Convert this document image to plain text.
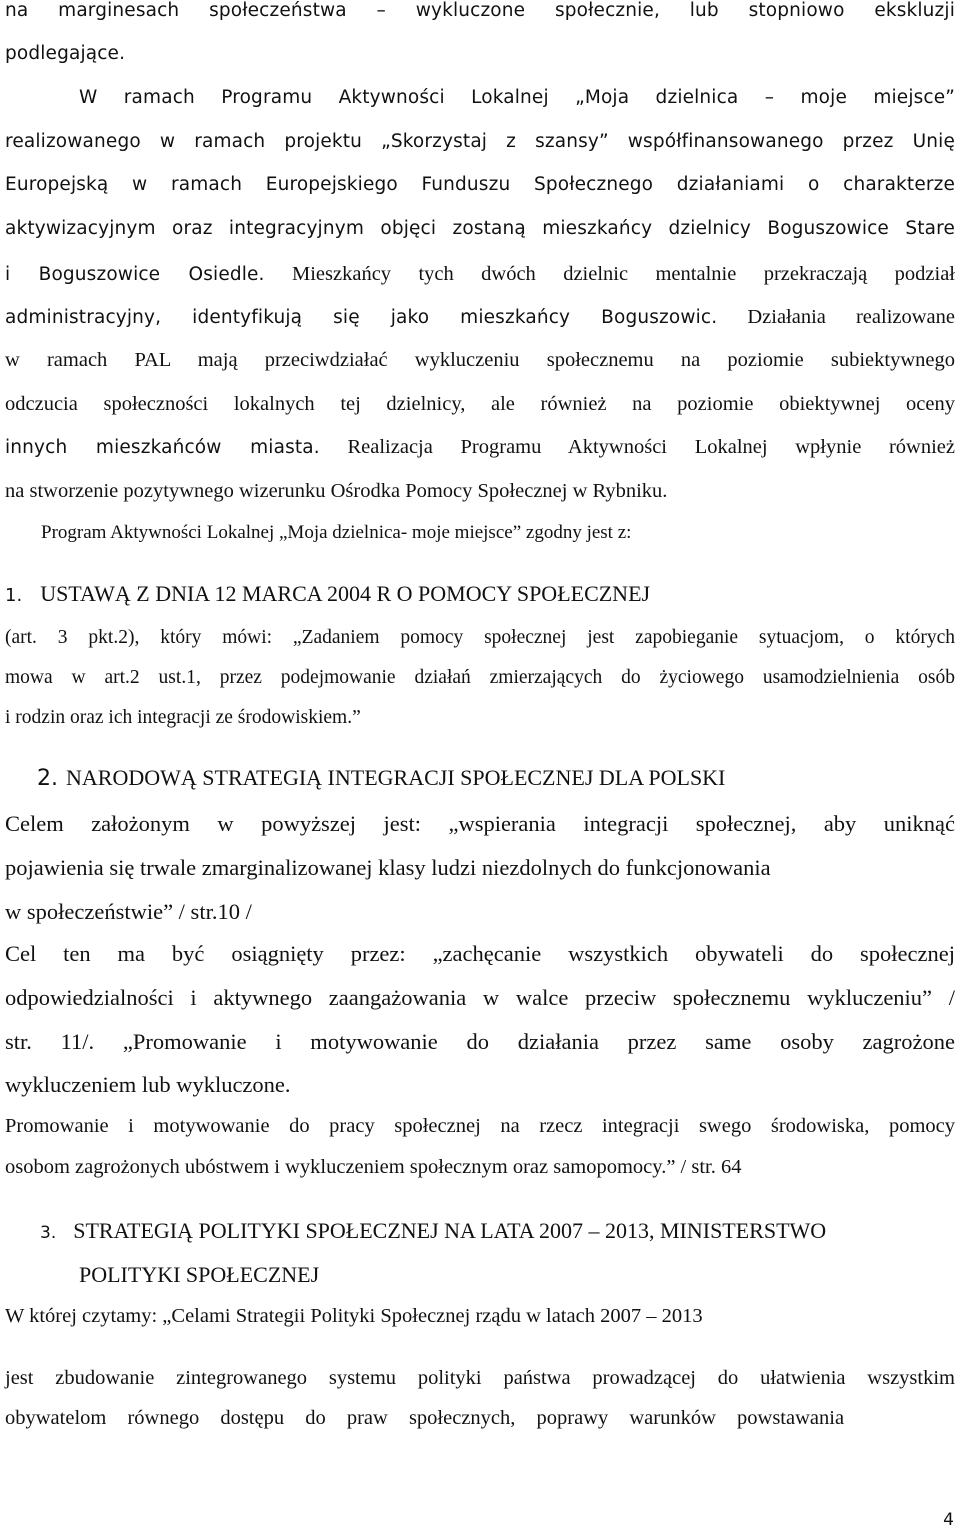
na marginesach społeczeństwa – wykluczone społecznie, lub stopniowo ekskluzji
podlegające.
W ramach Programu Aktywności Lokalnej „Moja dzielnica – moje miejsce”
realizowanego w ramach projektu „Skorzystaj z szansy” współfinansowanego przez Unię
Europejską w ramach Europejskiego Funduszu Społecznego działaniami o charakterze
aktywizacyjnym oraz integracyjnym objęci zostaną mieszkańcy dzielnicy Boguszowice Stare
i Boguszowice Osiedle. Mieszkańcy tych dwóch dzielnic mentalnie przekraczają podział
administracyjny, identyfikują się jako mieszkańcy Boguszowic. Działania realizowane
w ramach PAL mają przeciwdziałać wykluczeniu społecznemu na poziomie subiektywnego
odczucia społeczności lokalnych tej dzielnicy, ale również na poziomie obiektywnej oceny
innych mieszkańców miasta. Realizacja Programu Aktywności Lokalnej wpłynie również
na stworzenie pozytywnego wizerunku Ośrodka Pomocy Społecznej w Rybniku.
Program Aktywności Lokalnej „Moja dzielnica- moje miejsce” zgodny jest z:
1. USTAWĄ Z DNIA 12 MARCA 2004 R O POMOCY SPOŁECZNEJ
(art. 3 pkt.2), który mówi: „Zadaniem pomocy społecznej jest zapobieganie sytuacjom, o których
mowa w art.2 ust.1, przez podejmowanie działań zmierzających do życiowego usamodzielnienia osób
i rodzin oraz ich integracji ze środowiskiem.”
2. NARODOWĄ STRATEGIĄ INTEGRACJI SPOŁECZNEJ DLA POLSKI
Celem założonym w powyższej jest: „wspierania integracji społecznej, aby uniknąć
pojawienia się trwale zmarginalizowanej klasy ludzi niezdolnych do funkcjonowania
w społeczeństwie” / str.10 /
Cel ten ma być osiągnięty przez: „zachęcanie wszystkich obywateli do społecznej
odpowiedzialności i aktywnego zaangażowania w walce przeciw społecznemu wykluczeniu” /
str. 11/. „Promowanie i motywowanie do działania przez same osoby zagrożone
wykluczeniem lub wykluczone.
Promowanie i motywowanie do pracy społecznej na rzecz integracji swego środowiska, pomocy
osobom zagrożonych ubóstwem i wykluczeniem społecznym oraz samopomocy.” / str. 64
3. STRATEGIĄ POLITYKI SPOŁECZNEJ NA LATA 2007 – 2013, MINISTERSTWO
POLITYKI SPOŁECZNEJ
W której czytamy: „Celami Strategii Polityki Społecznej rządu w latach 2007 – 2013
jest zbudowanie zintegrowanego systemu polityki państwa prowadzącej do ułatwienia wszystkim
obywatelom równego dostępu do praw społecznych, poprawy warunków powstawania
4
